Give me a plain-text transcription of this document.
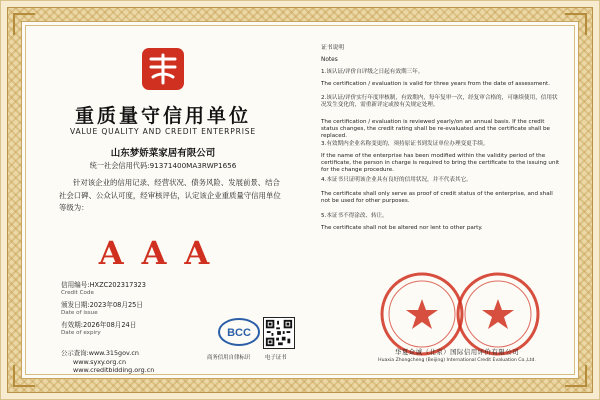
重质量守信用单位
VALUE QUALITY AND CREDIT ENTERPRISE
山东梦娇菜家居有限公司
统一社会信用代码:91371400MA3RWP1656
针对该企业的信用记录、经营状况、债务风险、发展前景、结合社会口碑、公众认可度，经审核评估，认定该企业重质量守信用单位等级为：
AAA
信用编号:HXZC202317323
Credit Code
颁发日期:2023年08月25日
Date of issue
有效期:2026年08月24日
Date of expiry
公示查询:www.315gov.cn
www.syxy.org.cn
www.creditbidding.org.cn
BCC
商务信用自律标识	电子证书
证书说明
Notes
1.该认证/评价自评级之日起有效期三年。
The certification / evaluation is valid for three years from the date of assessment.
2.该认证/评价实行年度审核制，有效期内，每年复审一次，经复审合格的，可继续使用，信用状况发生变化的，需重新评定或按有关规定处理。
The certification / evaluation is reviewed yearly/on an annual basis. If the credit status changes, the credit rating shall be re-evaluated and the certificate shall be replaced.
3.有效期内企业名称变更的，须持原证书到发证单位办理变更手续。
If the name of the enterprise has been modified within the validity period of the certificate, the person in charge is required to bring the certificate to the issuing unit for the change procedure.
4.本证书只证明该企业具有良好的信用状况，并不代表其它。
The certificate shall only serve as proof of credit status of the enterprise, and shall not be used for other purposes.
5.本证书不得涂改、转让。
The certificate shall not be altered nor lent to other party.
华夏众诚（北京）国际信用评价有限公司
Huaxia Zhongcheng (Beijing) International Credit Evaluation Co.,Ltd.
